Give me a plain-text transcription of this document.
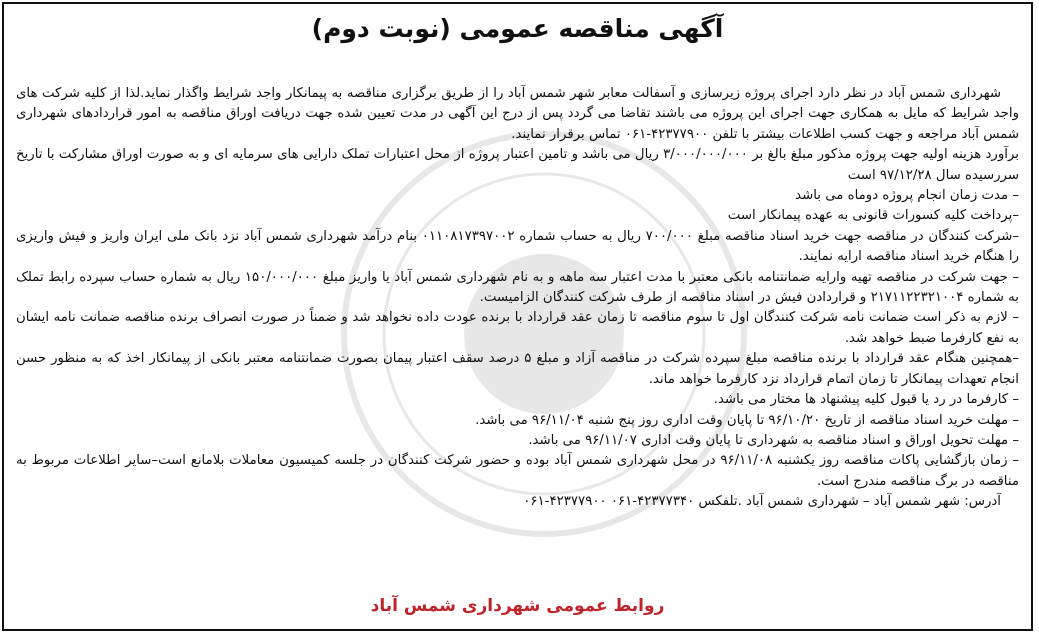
آگهی مناقصه عمومی (نوبت دوم)

شهرداری شمس آباد در نظر دارد اجرای پروژه زیرسازی و آسفالت معابر شهر شمس آباد را از طریق برگزاری مناقصه به پیمانکار واجد شرایط واگذار نماید.لذا از کلیه شرکت های واجد شرایط که مایل به همکاری جهت اجرای این پروژه می باشند تقاضا می گردد پس از درج این آگهی در مدت تعیین شده جهت دریافت اوراق مناقصه به امور قراردادهای شهرداری شمس آباد مراجعه و جهت کسب اطلاعات بیشتر با تلفن ۴۲۳۷۷۹۰۰-۰۶۱ تماس برقرار نمایند.

برآورد هزینه اولیه جهت پروژه مذکور مبلغ بالغ بر ۳/۰۰۰/۰۰۰/۰۰۰ ریال می باشد و تامین اعتبار پروژه از محل اعتبارات تملک دارایی های سرمایه ای و به صورت اوراق مشارکت با تاریخ سررسیده سال ۹۷/۱۲/۲۸ است

– مدت زمان انجام پروژه دوماه می باشد

–پرداخت کلیه کسورات قانونی به عهده پیمانکار است

–شرکت کنندگان در مناقصه جهت خرید اسناد مناقصه مبلغ ۷۰۰/۰۰۰ ریال به حساب شماره ۰۱۱۰۸۱۷۳۹۷۰۰۲ بنام درآمد شهرداری شمس آباد نزد بانک ملی ایران واریز و فیش واریزی را هنگام خرید اسناد مناقصه ارایه نمایند.

– جهت شرکت در مناقصه تهیه وارایه ضمانتنامه بانکی معتبر با مدت اعتبار سه ماهه و به نام شهرداری شمس آباد یا واریز مبلغ ۱۵۰/۰۰۰/۰۰۰ ریال به شماره حساب سپرده رابط تملک به شماره ۲۱۷۱۱۲۲۳۲۱۰۰۴ و قراردادن فیش در اسناد مناقصه از طرف شرکت کنندگان الزامیست.

– لازم به ذکر است ضمانت نامه شرکت کنندگان اول تا سوم مناقصه تا زمان عقد قرارداد با برنده عودت داده نخواهد شد و ضمناً در صورت انصراف برنده مناقصه ضمانت نامه ایشان به نفع کارفرما ضبط خواهد شد.

–همچنین هنگام عقد قرارداد با برنده مناقصه مبلغ سپرده شرکت در مناقصه آزاد و مبلغ ۵ درصد سقف اعتبار پیمان بصورت ضمانتنامه معتبر بانکی از پیمانکار اخذ که به منظور حسن انجام تعهدات پیمانکار تا زمان اتمام قرارداد نزد کارفرما خواهد ماند.

– کارفرما در رد یا قبول کلیه پیشنهاد ها مختار می باشد.

– مهلت خرید اسناد مناقصه از تاریخ ۹۶/۱۰/۲۰ تا پایان وقت اداری روز پنج شنبه ۹۶/۱۱/۰۴ می باشد.

– مهلت تحویل اوراق و اسناد مناقصه به شهرداری تا پایان وقت اداری ۹۶/۱۱/۰۷ می باشد.

– زمان بازگشایی پاکات مناقصه روز یکشنبه ۹۶/۱۱/۰۸ در محل شهرداری شمس آباد بوده و حضور شرکت کنندگان در جلسه کمیسیون معاملات بلامانع است–سایر اطلاعات مربوط به مناقصه در برگ مناقصه مندرج است.

آدرس: شهر شمس آباد – شهرداری شمس آباد .تلفکس ۴۲۳۷۷۳۴۰-۰۶۱ ۴۲۳۷۷۹۰۰-۰۶۱

روابط عمومی شهرداری شمس آباد
